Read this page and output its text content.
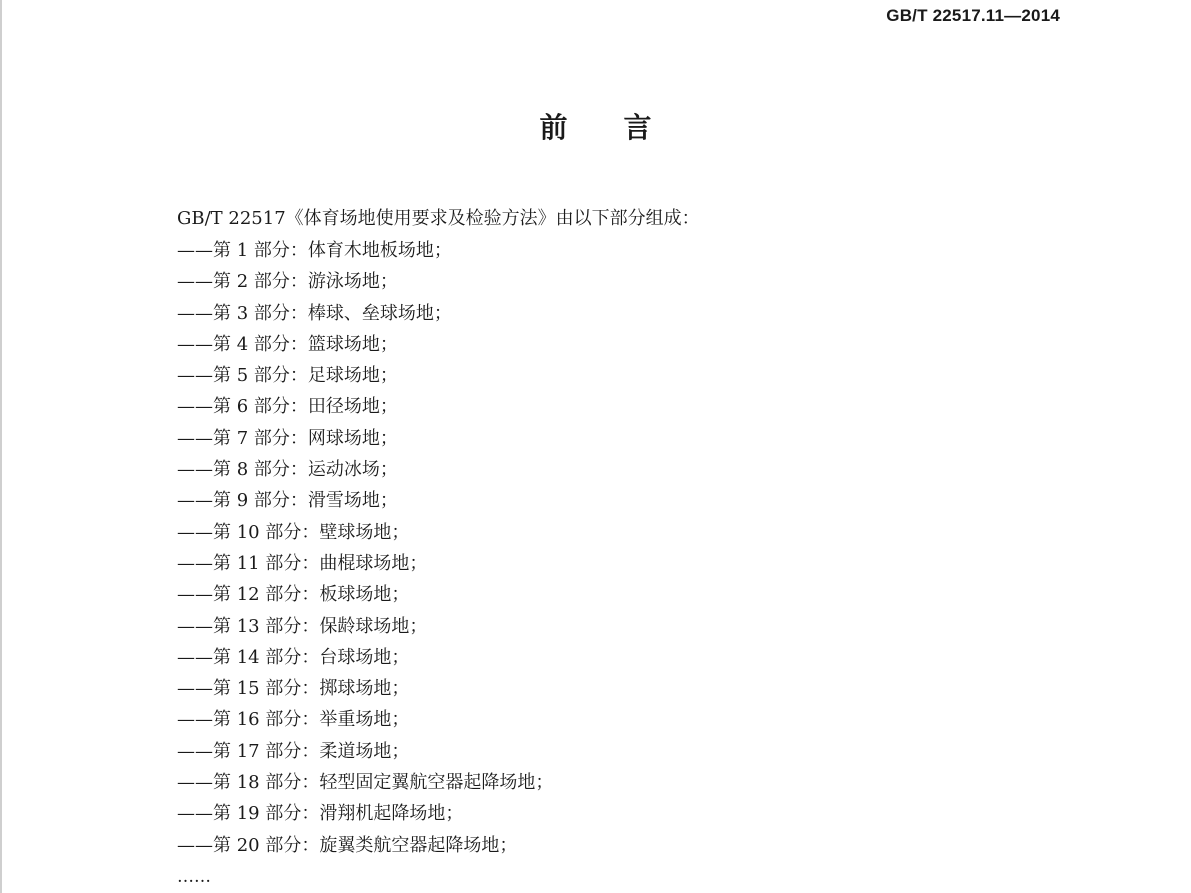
GB/T 22517.11—2014
前　　言

GB/T 22517《体育场地使用要求及检验方法》由以下部分组成：

——第 1 部分：体育木地板场地；
——第 2 部分：游泳场地；
——第 3 部分：棒球、垒球场地；
——第 4 部分：篮球场地；
——第 5 部分：足球场地；
——第 6 部分：田径场地；
——第 7 部分：网球场地；
——第 8 部分：运动冰场；
——第 9 部分：滑雪场地；
——第 10 部分：壁球场地；
——第 11 部分：曲棍球场地；
——第 12 部分：板球场地；
——第 13 部分：保龄球场地；
——第 14 部分：台球场地；
——第 15 部分：掷球场地；
——第 16 部分：举重场地；
——第 17 部分：柔道场地；
——第 18 部分：轻型固定翼航空器起降场地；
——第 19 部分：滑翔机起降场地；
——第 20 部分：旋翼类航空器起降场地；
……
